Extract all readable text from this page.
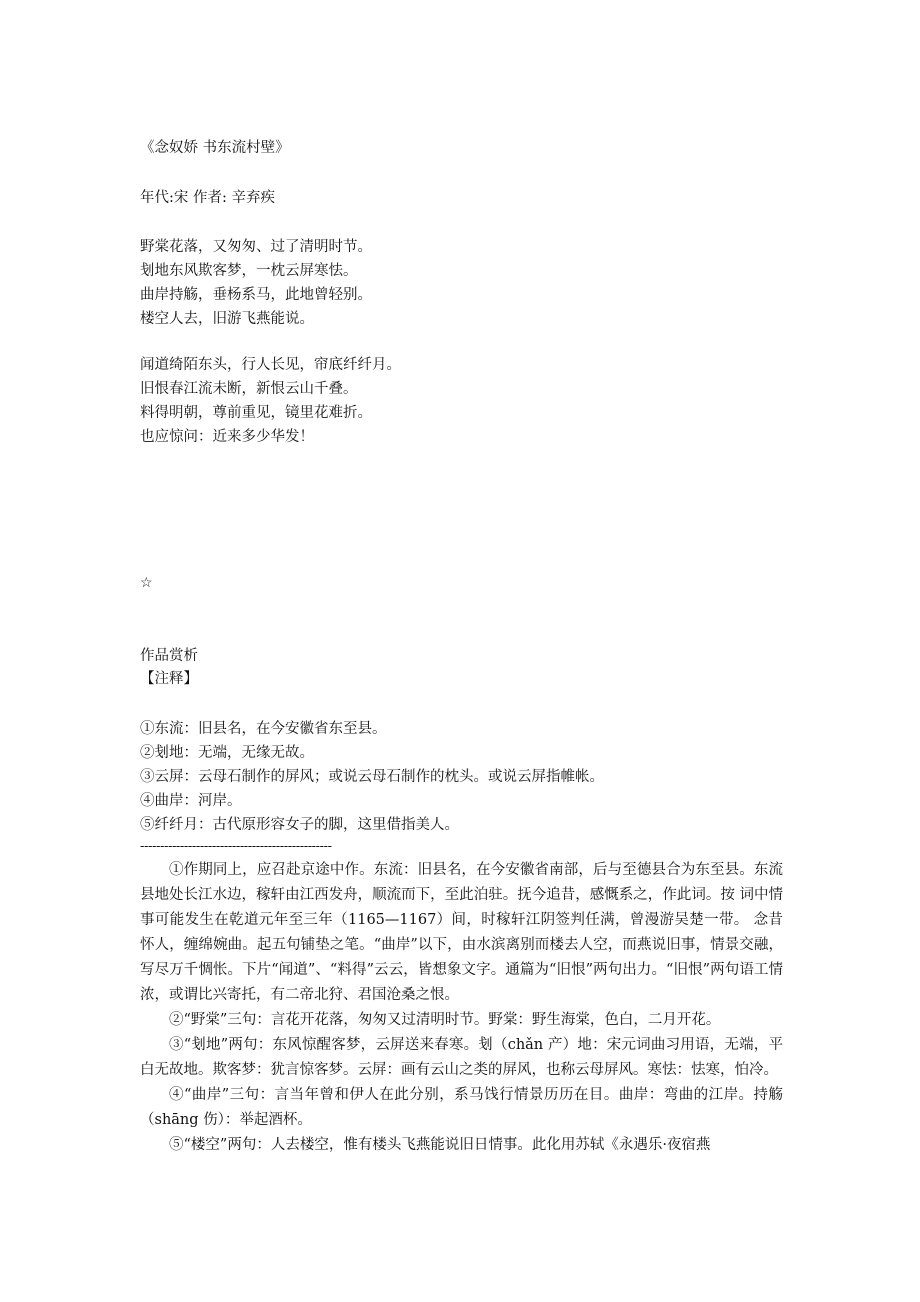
《念奴娇 书东流村壁》
年代:宋 作者: 辛弃疾
野棠花落，又匆匆、过了清明时节。
刬地东风欺客梦，一枕云屏寒怯。
曲岸持觞，垂杨系马，此地曾轻别。
楼空人去，旧游飞燕能说。
闻道绮陌东头，行人长见，帘底纤纤月。
旧恨春江流未断，新恨云山千叠。
料得明朝，尊前重见，镜里花难折。
也应惊问：近来多少华发！
☆
作品赏析
【注释】
①东流：旧县名，在今安徽省东至县。
②刬地：无端，无缘无故。
③云屏：云母石制作的屏风；或说云母石制作的枕头。或说云屏指帷帐。
④曲岸：河岸。
⑤纤纤月：古代原形容女子的脚，这里借指美人。
------------------------------------------------

①作期同上，应召赴京途中作。东流：旧县名，在今安徽省南部，后与至德县合为东至县。东流县地处长江水边，稼轩由江西发舟，顺流而下，至此泊驻。抚今追昔，感慨系之，作此词。按 词中情事可能发生在乾道元年至三年（1165—1167）间，时稼轩江阴签判任满，曾漫游吴楚一带。 念昔怀人，缠绵婉曲。起五句铺垫之笔。“曲岸”以下，由水滨离别而楼去人空，而燕说旧事，情景交融，写尽万千惆怅。下片“闻道”、“料得”云云，皆想象文字。通篇为“旧恨”两句出力。“旧恨”两句语工情浓，或谓比兴寄托，有二帝北狩、君国沧桑之恨。

②“野棠”三句：言花开花落，匆匆又过清明时节。野棠：野生海棠，色白，二月开花。

③“刬地”两句：东风惊醒客梦，云屏送来春寒。刬（chǎn 产）地：宋元词曲习用语，无端，平白无故地。欺客梦：犹言惊客梦。云屏：画有云山之类的屏风，也称云母屏风。寒怯：怯寒，怕冷。

④“曲岸”三句：言当年曾和伊人在此分别，系马饯行情景历历在目。曲岸：弯曲的江岸。持觞（shāng 伤）：举起酒杯。

⑤“楼空”两句：人去楼空，惟有楼头飞燕能说旧日情事。此化用苏轼《永遇乐·夜宿燕
